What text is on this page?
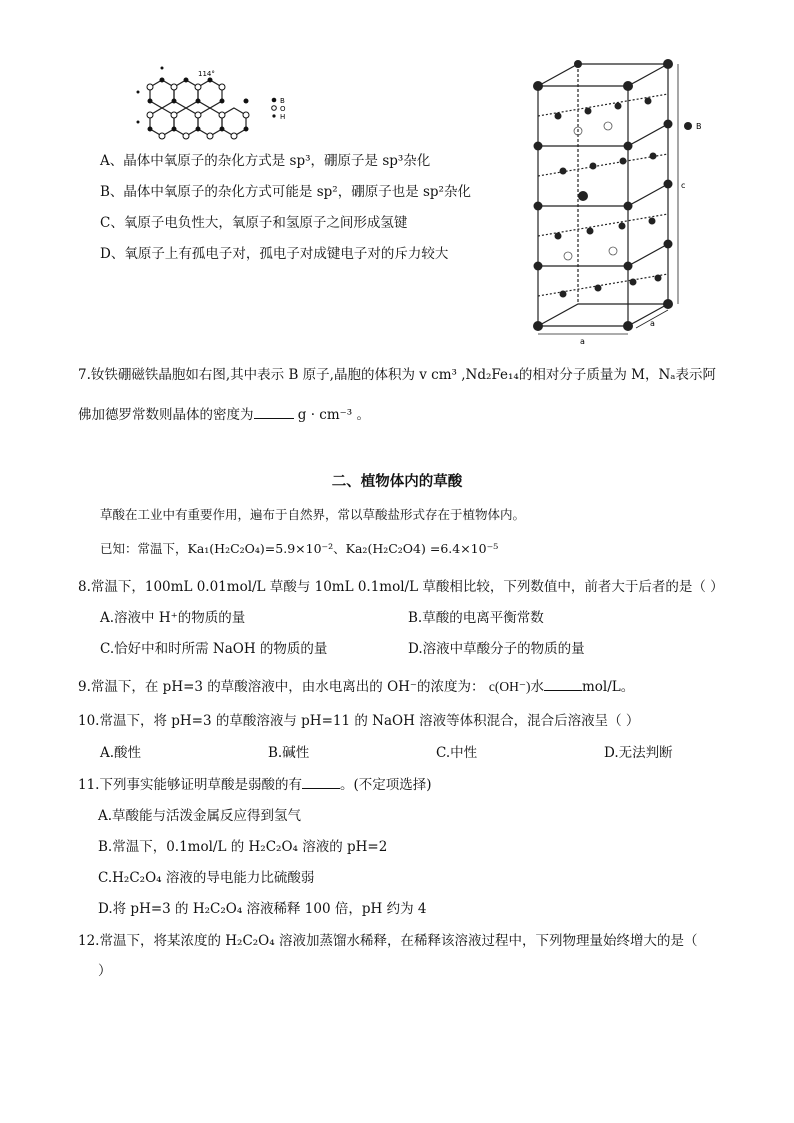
114°
B
O
H
A、晶体中氧原子的杂化方式是 sp³，硼原子是 sp³杂化
B、晶体中氧原子的杂化方式可能是 sp²，硼原子也是 sp²杂化
C、氧原子电负性大，氧原子和氢原子之间形成氢键
D、氧原子上有孤电子对，孤电子对成键电子对的斥力较大
B
c
a
a
7.钕铁硼磁铁晶胞如右图,其中表示 B 原子,晶胞的体积为 v cm³ ,Nd₂Fe₁₄的相对分子质量为 M，Nₐ表示阿
佛加德罗常数则晶体的密度为	g · cm⁻³ 。
二、植物体内的草酸
草酸在工业中有重要作用，遍布于自然界，常以草酸盐形式存在于植物体内。
已知：常温下，Ka₁(H₂C₂O₄)=5.9×10⁻²、Ka₂(H₂C₂O4) =6.4×10⁻⁵
8.常温下，100mL 0.01mol/L 草酸与 10mL 0.1mol/L 草酸相比较，下列数值中，前者大于后者的是（ ）
A.溶液中 H⁺的物质的量	B.草酸的电离平衡常数
C.恰好中和时所需 NaOH 的物质的量	D.溶液中草酸分子的物质的量
9.常温下，在 pH=3 的草酸溶液中，由水电离出的 OH⁻的浓度为： c(OH⁻)水	mol/L。
10.常温下，将 pH=3 的草酸溶液与 pH=11 的 NaOH 溶液等体积混合，混合后溶液呈（ ）
A.酸性	B.碱性	C.中性	D.无法判断
11.下列事实能够证明草酸是弱酸的有	。(不定项选择)
A.草酸能与活泼金属反应得到氢气
B.常温下，0.1mol/L 的 H₂C₂O₄ 溶液的 pH=2
C.H₂C₂O₄ 溶液的导电能力比硫酸弱
D.将 pH=3 的 H₂C₂O₄ 溶液稀释 100 倍，pH 约为 4
12.常温下，将某浓度的 H₂C₂O₄ 溶液加蒸馏水稀释，在稀释该溶液过程中，下列物理量始终增大的是（
）
